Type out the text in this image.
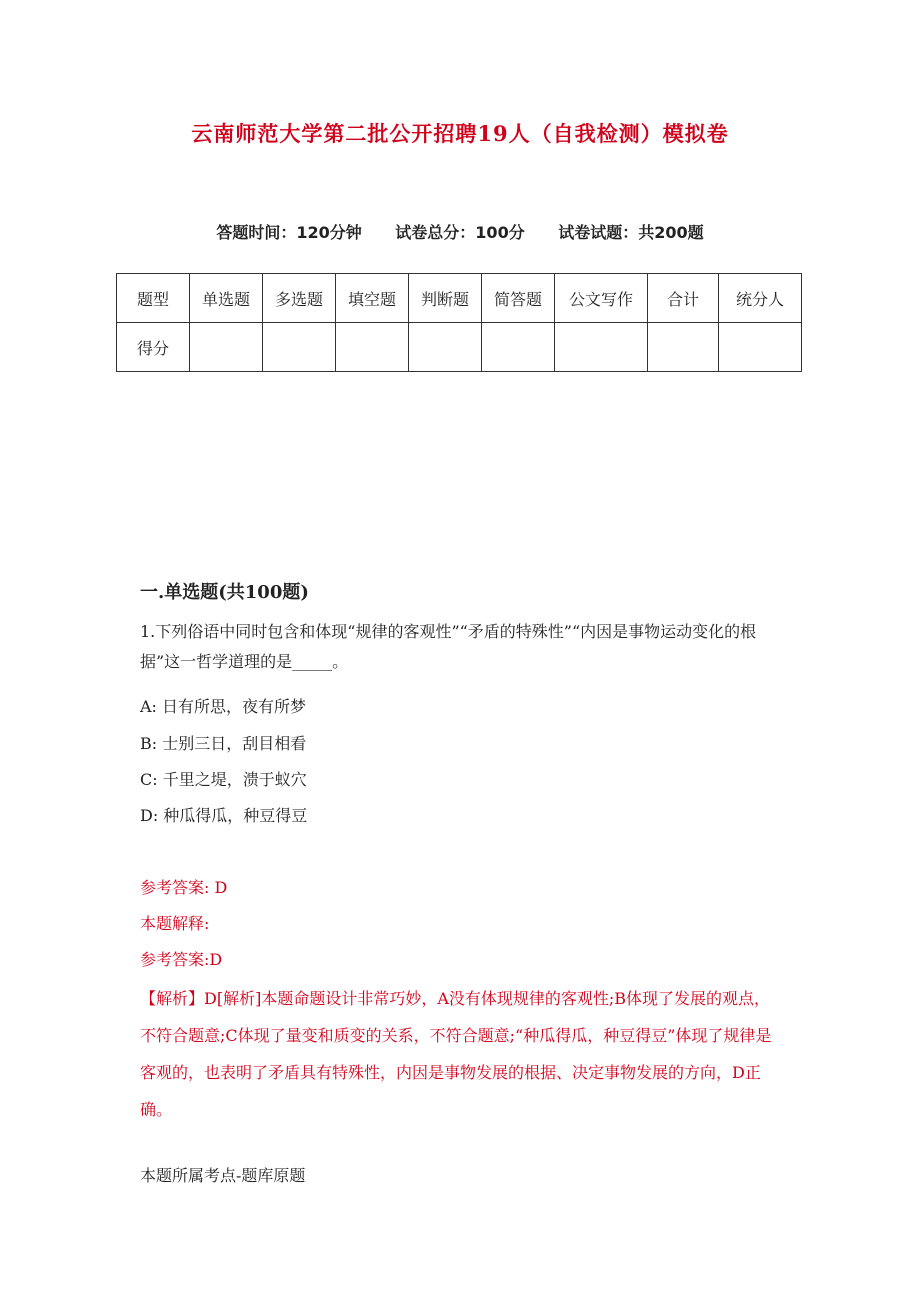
云南师范大学第二批公开招聘19人（自我检测）模拟卷
答题时间：120分钟 试卷总分：100分 试卷试题：共200题
题型	单选题	多选题	填空题	判断题	简答题	公文写作	合计	统分人
得分								
一.单选题(共100题)
1.下列俗语中同时包含和体现“规律的客观性”“矛盾的特殊性”“内因是事物运动变化的根据”这一哲学道理的是_____。
A: 日有所思，夜有所梦
B: 士别三日，刮目相看
C: 千里之堤，溃于蚁穴
D: 种瓜得瓜，种豆得豆
参考答案: D
本题解释:
参考答案:D
【解析】D[解析]本题命题设计非常巧妙，A没有体现规律的客观性;B体现了发展的观点，不符合题意;C体现了量变和质变的关系，不符合题意;“种瓜得瓜，种豆得豆”体现了规律是客观的，也表明了矛盾具有特殊性，内因是事物发展的根据、决定事物发展的方向，D正确。
本题所属考点-题库原题
